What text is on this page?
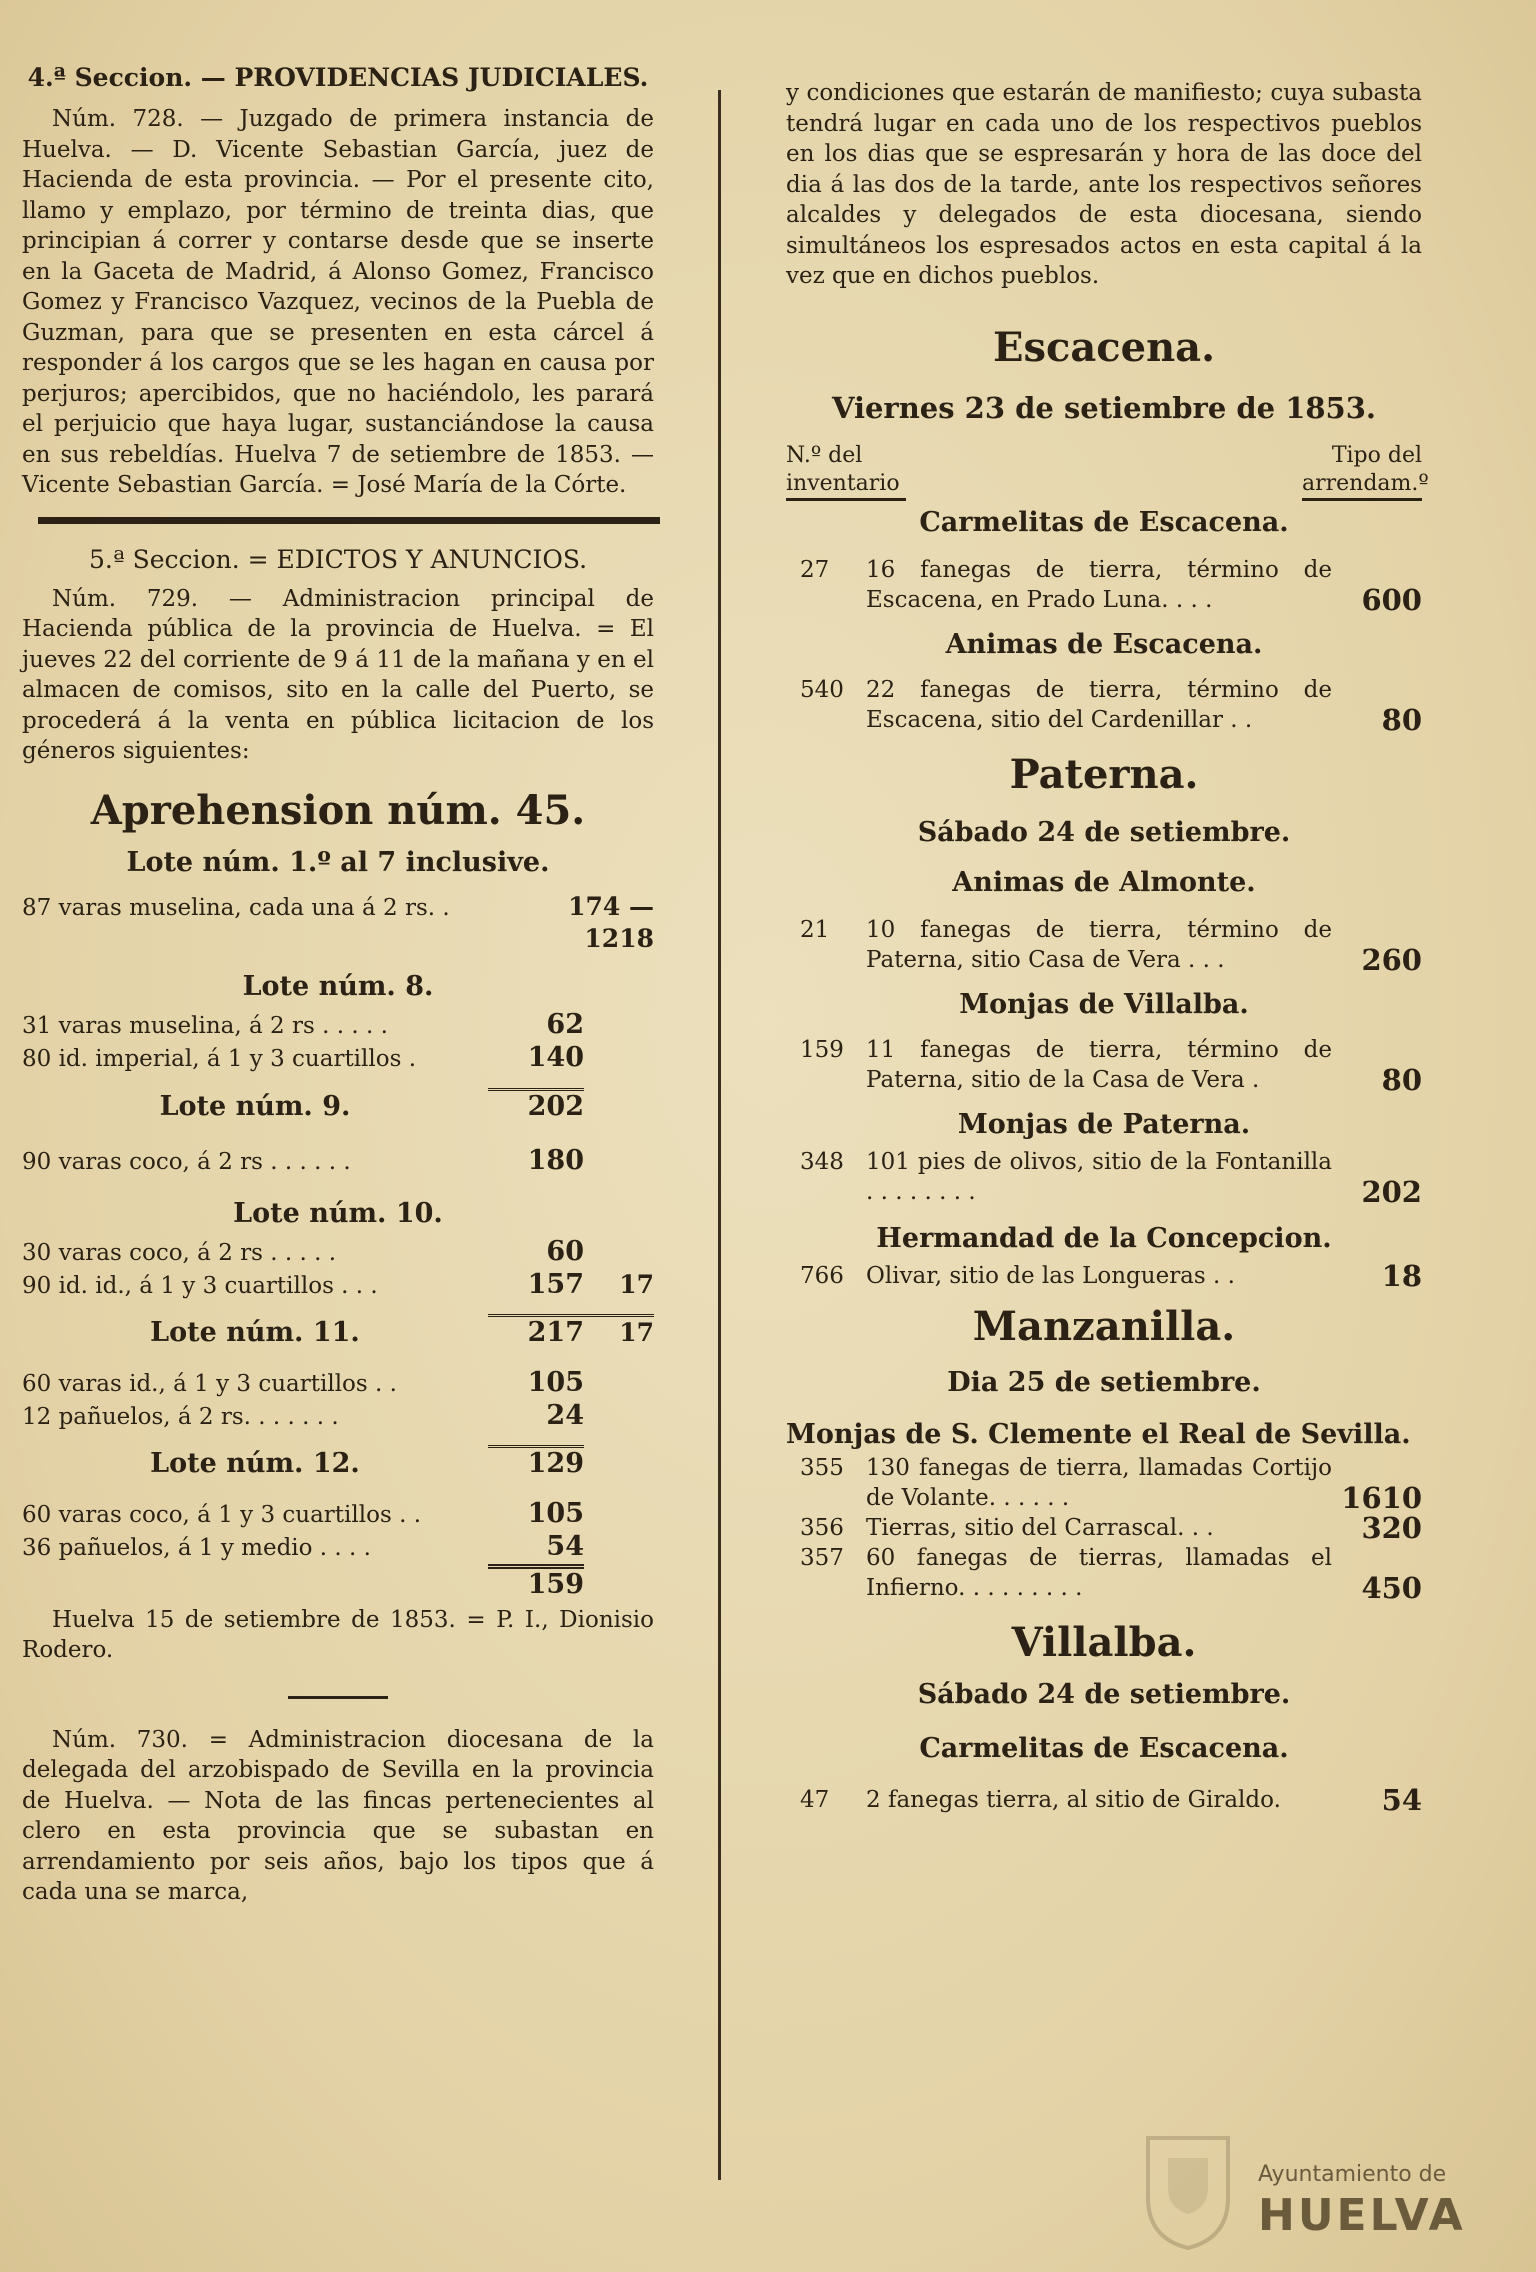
4.ª Seccion. — PROVIDENCIAS JUDICIALES.

Núm. 728. — Juzgado de primera instancia de Huelva. — D. Vicente Sebastian García, juez de Hacienda de esta provincia. — Por el presente cito, llamo y emplazo, por término de treinta dias, que principian á correr y contarse desde que se inserte en la Gaceta de Madrid, á Alonso Gomez, Francisco Gomez y Francisco Vazquez, vecinos de la Puebla de Guzman, para que se presenten en esta cárcel á responder á los cargos que se les hagan en causa por perjuros; apercibidos, que no haciéndolo, les parará el perjuicio que haya lugar, sustanciándose la causa en sus rebeldías. Huelva 7 de setiembre de 1853. — Vicente Sebastian García. = José María de la Córte.

5.ª Seccion. = EDICTOS Y ANUNCIOS.

Núm. 729. — Administracion principal de Hacienda pública de la provincia de Huelva. = El jueves 22 del corriente de 9 á 11 de la mañana y en el almacen de comisos, sito en la calle del Puerto, se procederá á la venta en pública licitacion de los géneros siguientes:

Aprehension núm. 45.

Lote núm. 1.º al 7 inclusive.

87 varas muselina, cada una á 2 rs. .	174 — 1218

Lote núm. 8.

31 varas muselina, á 2 rs . . . . .	62
80 id. imperial, á 1 y 3 cuartillos .	140
Lote núm. 9.	202
90 varas coco, á 2 rs . . . . . .	180

Lote núm. 10.

30 varas coco, á 2 rs . . . . .	60
90 id. id., á 1 y 3 cuartillos . . .	157	17
Lote núm. 11.	217	17
60 varas id., á 1 y 3 cuartillos . .	105
12 pañuelos, á 2 rs. . . . . . .	24
Lote núm. 12.	129
60 varas coco, á 1 y 3 cuartillos . .	105
36 pañuelos, á 1 y medio . . . .	54
159

Huelva 15 de setiembre de 1853. = P. I., Dionisio Rodero.

Núm. 730. = Administracion diocesana de la delegada del arzobispado de Sevilla en la provincia de Huelva. — Nota de las fincas pertenecientes al clero en esta provincia que se subastan en arrendamiento por seis años, bajo los tipos que á cada una se marca,

y condiciones que estarán de manifiesto; cuya subasta tendrá lugar en cada uno de los respectivos pueblos en los dias que se espresarán y hora de las doce del dia á las dos de la tarde, ante los respectivos señores alcaldes y delegados de esta diocesana, siendo simultáneos los espresados actos en esta capital á la vez que en dichos pueblos.

Escacena.

Viernes 23 de setiembre de 1853.

N.º del inventario
Tipo del arrendam.º

Carmelitas de Escacena.

27	16 fanegas de tierra, término de Escacena, en Prado Luna. . . .	600

Animas de Escacena.

540 22 fanegas de tierra, término de Escacena, sitio del Cardenillar . .	80

Paterna.

Sábado 24 de setiembre.

Animas de Almonte.

21	10 fanegas de tierra, término de Paterna, sitio Casa de Vera . . .	260

Monjas de Villalba.

159 11 fanegas de tierra, término de Paterna, sitio de la Casa de Vera .	80

Monjas de Paterna.

348 101 pies de olivos, sitio de la Fontanilla . . . . . . . .	202

Hermandad de la Concepcion.

766 Olivar, sitio de las Longueras . .	18

Manzanilla.

Dia 25 de setiembre.

Monjas de S. Clemente el Real de Sevilla.

355 130 fanegas de tierra, llamadas Cortijo de Volante. . . . . .	1610
356 Tierras, sitio del Carrascal. . .	320
357 60 fanegas de tierras, llamadas el Infierno. . . . . . . . .	450

Villalba.

Sábado 24 de setiembre.

Carmelitas de Escacena.

47	2 fanegas tierra, al sitio de Giraldo.	54
Ayuntamiento de
HUELVA
